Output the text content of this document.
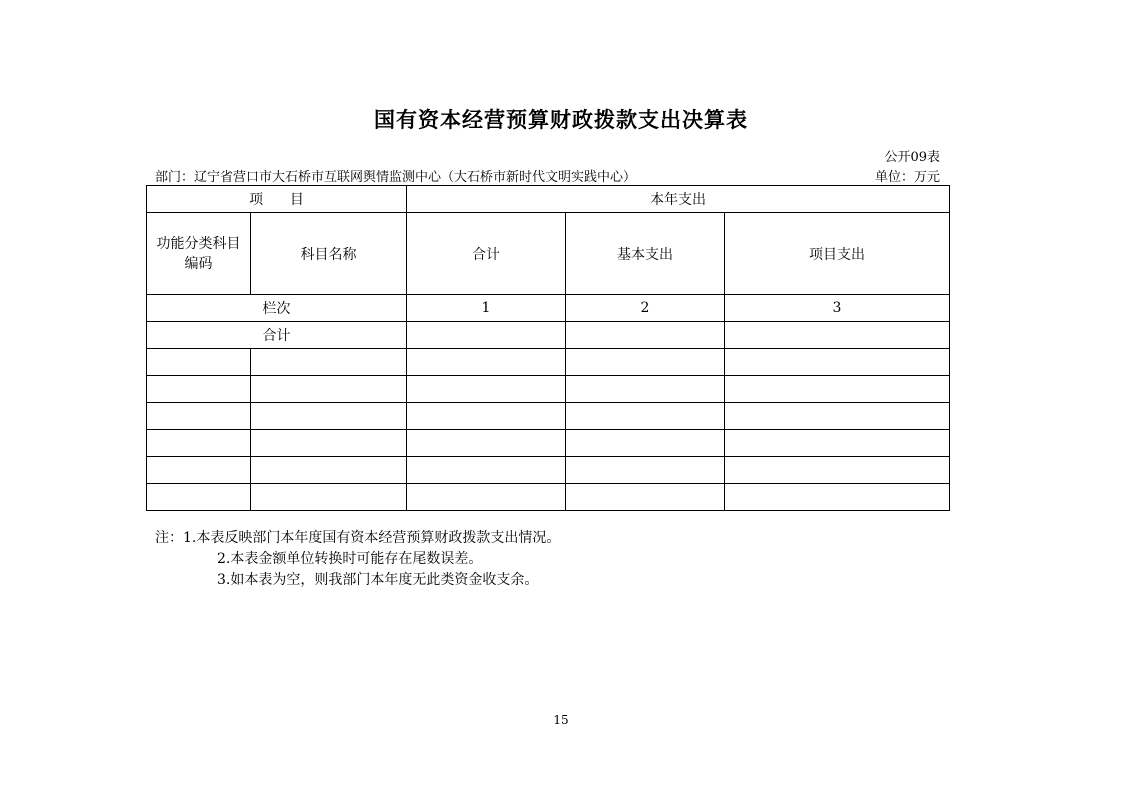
国有资本经营预算财政拨款支出决算表
公开09表
部门：辽宁省营口市大石桥市互联网舆情监测中心（大石桥市新时代文明实践中心）	单位：万元
项      目		本年支出		

功能分类科目编码	科目名称	合计	基本支出	项目支出
栏次		1	2	3
合计				

注：1.本表反映部门本年度国有资本经营预算财政拨款支出情况。
2.本表金额单位转换时可能存在尾数误差。
3.如本表为空，则我部门本年度无此类资金收支余。
15
